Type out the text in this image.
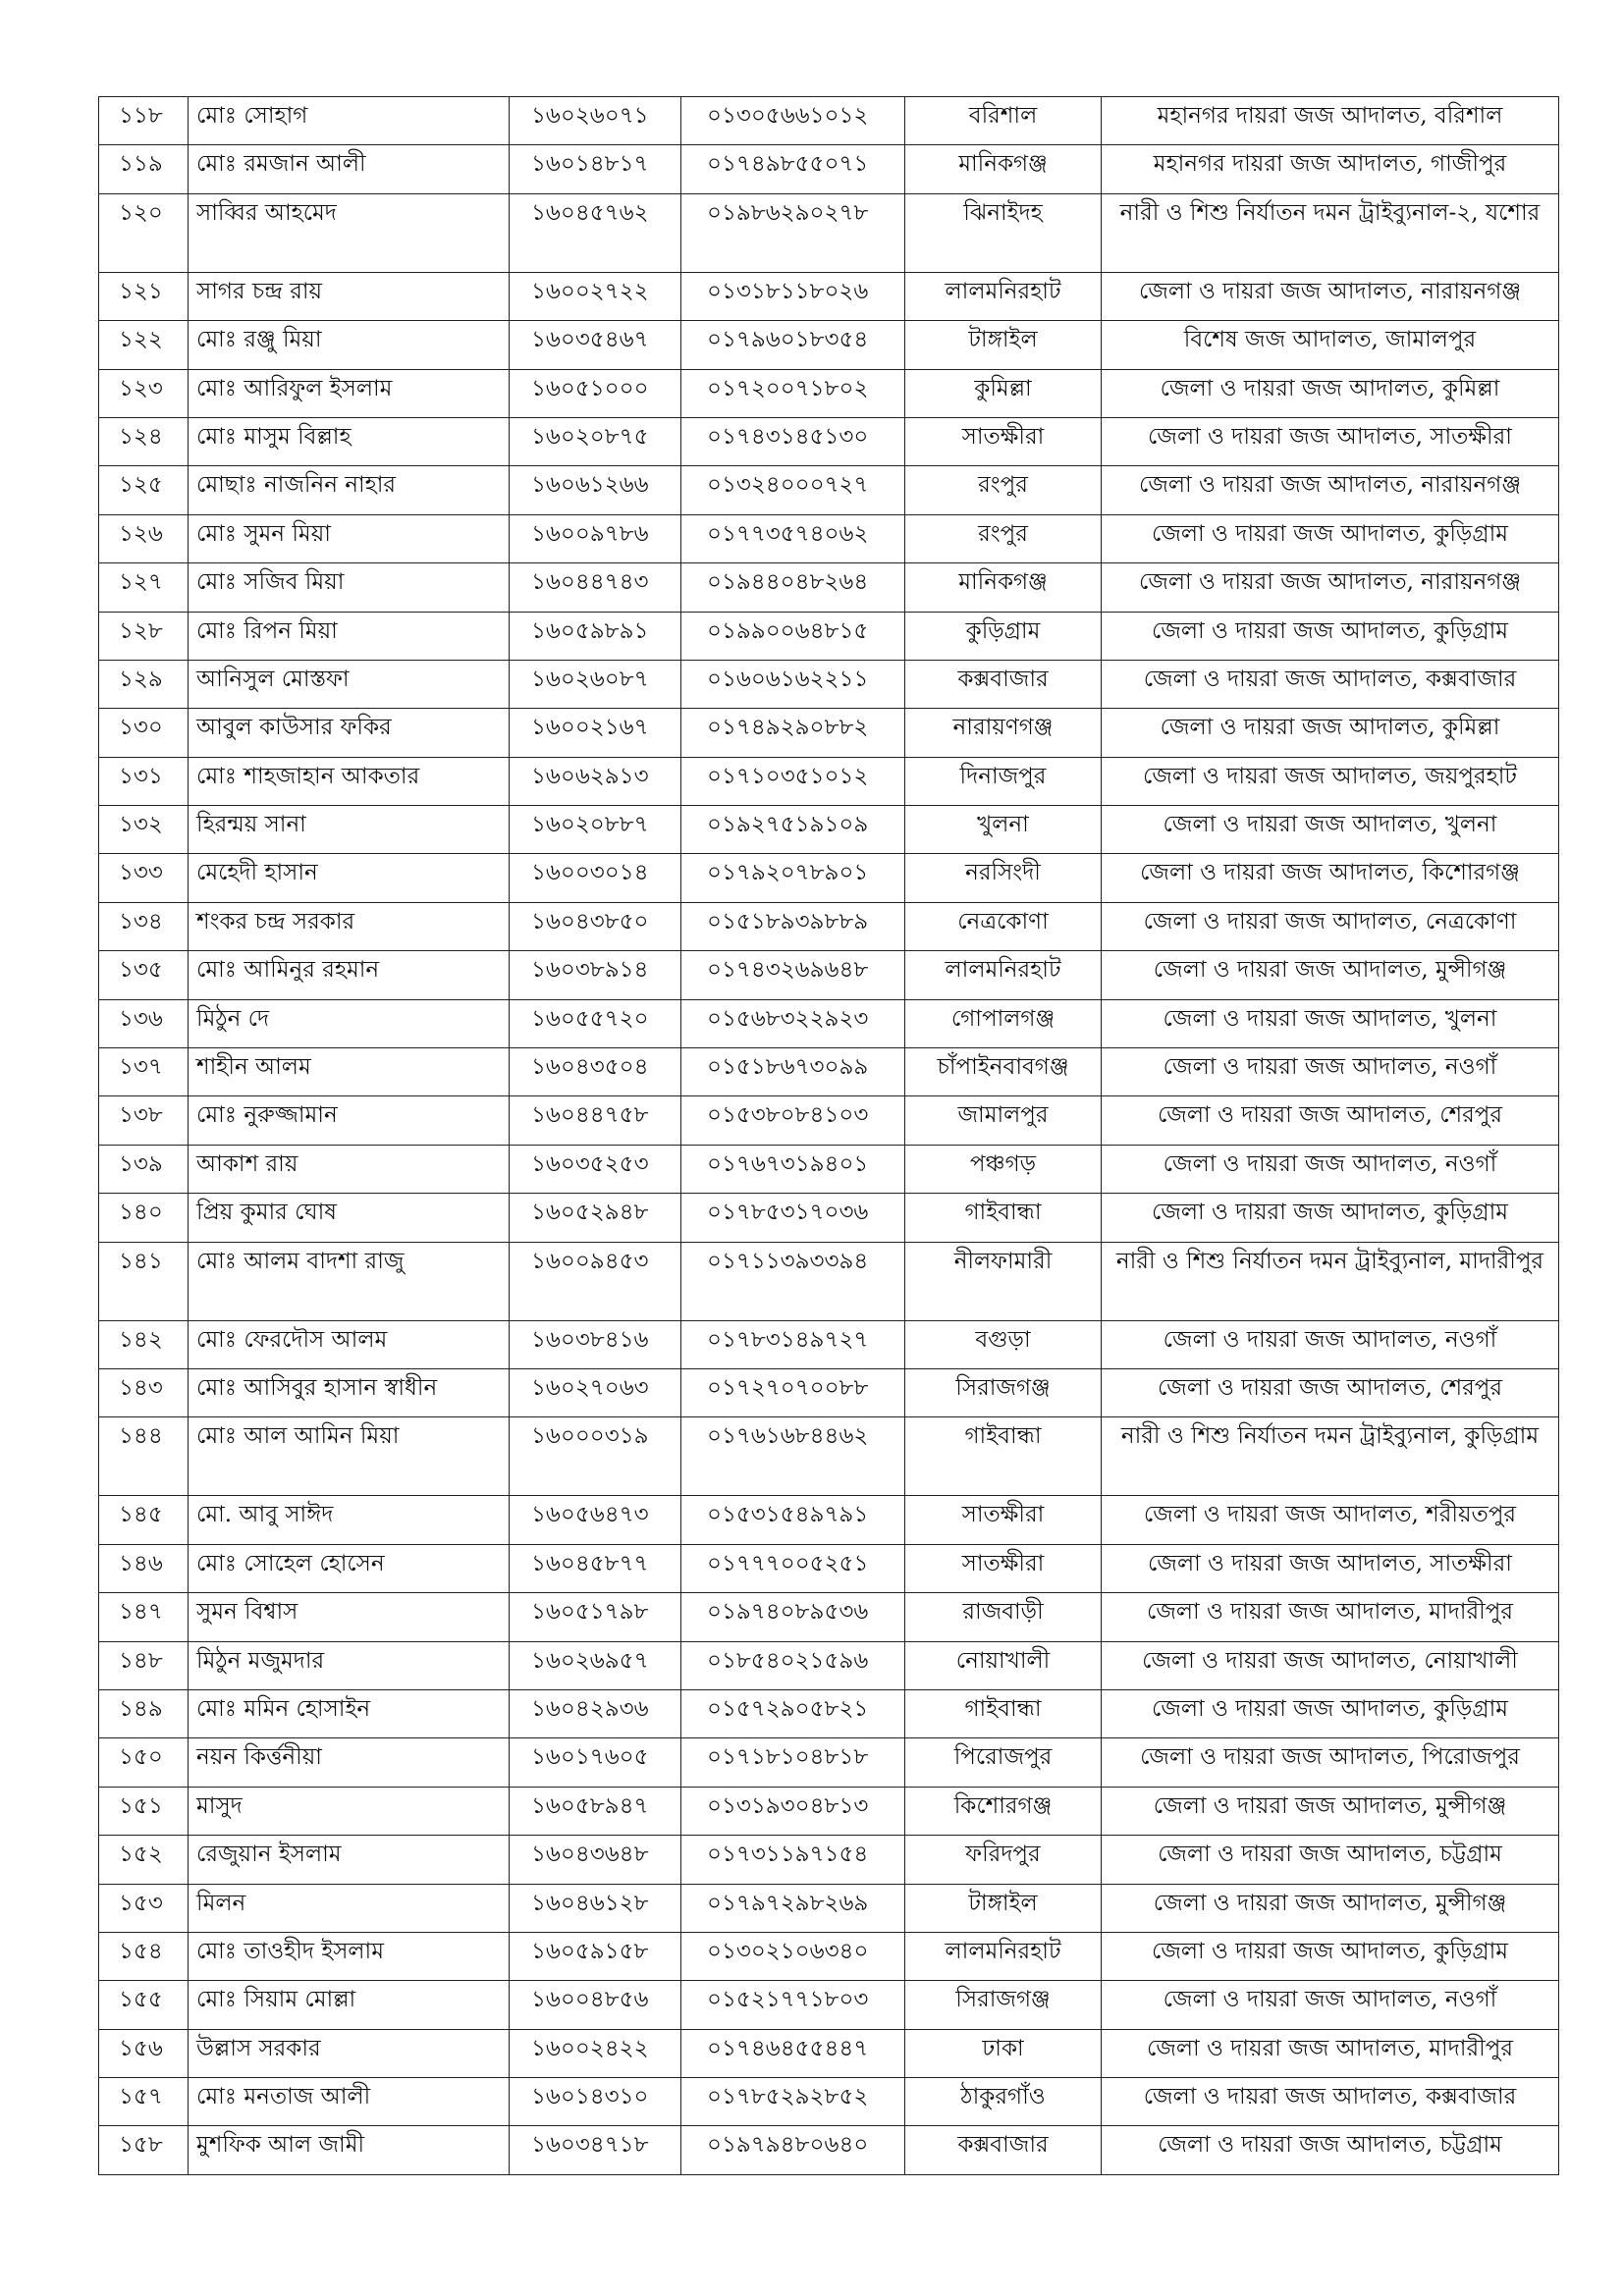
১১৮	মোঃ সোহাগ	১৬০২৬০৭১	০১৩০৫৬৬১০১২	বরিশাল	মহানগর দায়রা জজ আদালত, বরিশাল
১১৯	মোঃ রমজান আলী	১৬০১৪৮১৭	০১৭৪৯৮৫৫০৭১	মানিকগঞ্জ	মহানগর দায়রা জজ আদালত, গাজীপুর
১২০	সাব্বির আহমেদ	১৬০৪৫৭৬২	০১৯৮৬২৯০২৭৮	ঝিনাইদহ	নারী ও শিশু নির্যাতন দমন ট্রাইব্যুনাল-২, যশোর
১২১	সাগর চন্দ্র রায়	১৬০০২৭২২	০১৩১৮১১৮০২৬	লালমনিরহাট	জেলা ও দায়রা জজ আদালত, নারায়নগঞ্জ
১২২	মোঃ রঞ্জু মিয়া	১৬০৩৫৪৬৭	০১৭৯৬০১৮৩৫৪	টাঙ্গাইল	বিশেষ জজ আদালত, জামালপুর
১২৩	মোঃ আরিফুল ইসলাম	১৬০৫১০০০	০১৭২০০৭১৮০২	কুমিল্লা	জেলা ও দায়রা জজ আদালত, কুমিল্লা
১২৪	মোঃ মাসুম বিল্লাহ	১৬০২০৮৭৫	০১৭৪৩১৪৫১৩০	সাতক্ষীরা	জেলা ও দায়রা জজ আদালত, সাতক্ষীরা
১২৫	মোছাঃ নাজনিন নাহার	১৬০৬১২৬৬	০১৩২৪০০০৭২৭	রংপুর	জেলা ও দায়রা জজ আদালত, নারায়নগঞ্জ
১২৬	মোঃ সুমন মিয়া	১৬০০৯৭৮৬	০১৭৭৩৫৭৪০৬২	রংপুর	জেলা ও দায়রা জজ আদালত, কুড়িগ্রাম
১২৭	মোঃ সজিব মিয়া	১৬০৪৪৭৪৩	০১৯৪৪০৪৮২৬৪	মানিকগঞ্জ	জেলা ও দায়রা জজ আদালত, নারায়নগঞ্জ
১২৮	মোঃ রিপন মিয়া	১৬০৫৯৮৯১	০১৯৯০০৬৪৮১৫	কুড়িগ্রাম	জেলা ও দায়রা জজ আদালত, কুড়িগ্রাম
১২৯	আনিসুল মোস্তফা	১৬০২৬০৮৭	০১৬০৬১৬২২১১	কক্সবাজার	জেলা ও দায়রা জজ আদালত, কক্সবাজার
১৩০	আবুল কাউসার ফকির	১৬০০২১৬৭	০১৭৪৯২৯০৮৮২	নারায়ণগঞ্জ	জেলা ও দায়রা জজ আদালত, কুমিল্লা
১৩১	মোঃ শাহজাহান আকতার	১৬০৬২৯১৩	০১৭১০৩৫১০১২	দিনাজপুর	জেলা ও দায়রা জজ আদালত, জয়পুরহাট
১৩২	হিরন্ময় সানা	১৬০২০৮৮৭	০১৯২৭৫১৯১০৯	খুলনা	জেলা ও দায়রা জজ আদালত, খুলনা
১৩৩	মেহেদী হাসান	১৬০০৩০১৪	০১৭৯২০৭৮৯০১	নরসিংদী	জেলা ও দায়রা জজ আদালত, কিশোরগঞ্জ
১৩৪	শংকর চন্দ্র সরকার	১৬০৪৩৮৫০	০১৫১৮৯৩৯৮৮৯	নেত্রকোণা	জেলা ও দায়রা জজ আদালত, নেত্রকোণা
১৩৫	মোঃ আমিনুর রহমান	১৬০৩৮৯১৪	০১৭৪৩২৬৯৬৪৮	লালমনিরহাট	জেলা ও দায়রা জজ আদালত, মুন্সীগঞ্জ
১৩৬	মিঠুন দে	১৬০৫৫৭২০	০১৫৬৮৩২২৯২৩	গোপালগঞ্জ	জেলা ও দায়রা জজ আদালত, খুলনা
১৩৭	শাহীন আলম	১৬০৪৩৫০৪	০১৫১৮৬৭৩০৯৯	চাঁপাইনবাবগঞ্জ	জেলা ও দায়রা জজ আদালত, নওগাঁ
১৩৮	মোঃ নুরুজ্জামান	১৬০৪৪৭৫৮	০১৫৩৮০৮৪১০৩	জামালপুর	জেলা ও দায়রা জজ আদালত, শেরপুর
১৩৯	আকাশ রায়	১৬০৩৫২৫৩	০১৭৬৭৩১৯৪০১	পঞ্চগড়	জেলা ও দায়রা জজ আদালত, নওগাঁ
১৪০	প্রিয় কুমার ঘোষ	১৬০৫২৯৪৮	০১৭৮৫৩১৭০৩৬	গাইবান্ধা	জেলা ও দায়রা জজ আদালত, কুড়িগ্রাম
১৪১	মোঃ আলম বাদশা রাজু	১৬০০৯৪৫৩	০১৭১১৩৯৩৩৯৪	নীলফামারী	নারী ও শিশু নির্যাতন দমন ট্রাইব্যুনাল, মাদারীপুর
১৪২	মোঃ ফেরদৌস আলম	১৬০৩৮৪১৬	০১৭৮৩১৪৯৭২৭	বগুড়া	জেলা ও দায়রা জজ আদালত, নওগাঁ
১৪৩	মোঃ আসিবুর হাসান স্বাধীন	১৬০২৭০৬৩	০১৭২৭০৭০০৮৮	সিরাজগঞ্জ	জেলা ও দায়রা জজ আদালত, শেরপুর
১৪৪	মোঃ আল আমিন মিয়া	১৬০০০৩১৯	০১৭৬১৬৮৪৪৬২	গাইবান্ধা	নারী ও শিশু নির্যাতন দমন ট্রাইব্যুনাল, কুড়িগ্রাম
১৪৫	মো. আবু সাঈদ	১৬০৫৬৪৭৩	০১৫৩১৫৪৯৭৯১	সাতক্ষীরা	জেলা ও দায়রা জজ আদালত, শরীয়তপুর
১৪৬	মোঃ সোহেল হোসেন	১৬০৪৫৮৭৭	০১৭৭৭০০৫২৫১	সাতক্ষীরা	জেলা ও দায়রা জজ আদালত, সাতক্ষীরা
১৪৭	সুমন বিশ্বাস	১৬০৫১৭৯৮	০১৯৭৪০৮৯৫৩৬	রাজবাড়ী	জেলা ও দায়রা জজ আদালত, মাদারীপুর
১৪৮	মিঠুন মজুমদার	১৬০২৬৯৫৭	০১৮৫৪০২১৫৯৬	নোয়াখালী	জেলা ও দায়রা জজ আদালত, নোয়াখালী
১৪৯	মোঃ মমিন হোসাইন	১৬০৪২৯৩৬	০১৫৭২৯০৫৮২১	গাইবান্ধা	জেলা ও দায়রা জজ আদালত, কুড়িগ্রাম
১৫০	নয়ন কির্ত্তনীয়া	১৬০১৭৬০৫	০১৭১৮১০৪৮১৮	পিরোজপুর	জেলা ও দায়রা জজ আদালত, পিরোজপুর
১৫১	মাসুদ	১৬০৫৮৯৪৭	০১৩১৯৩০৪৮১৩	কিশোরগঞ্জ	জেলা ও দায়রা জজ আদালত, মুন্সীগঞ্জ
১৫২	রেজুয়ান ইসলাম	১৬০৪৩৬৪৮	০১৭৩১১৯৭১৫৪	ফরিদপুর	জেলা ও দায়রা জজ আদালত, চট্টগ্রাম
১৫৩	মিলন	১৬০৪৬১২৮	০১৭৯৭২৯৮২৬৯	টাঙ্গাইল	জেলা ও দায়রা জজ আদালত, মুন্সীগঞ্জ
১৫৪	মোঃ তাওহীদ ইসলাম	১৬০৫৯১৫৮	০১৩০২১০৬৩৪০	লালমনিরহাট	জেলা ও দায়রা জজ আদালত, কুড়িগ্রাম
১৫৫	মোঃ সিয়াম মোল্লা	১৬০০৪৮৫৬	০১৫২১৭৭১৮০৩	সিরাজগঞ্জ	জেলা ও দায়রা জজ আদালত, নওগাঁ
১৫৬	উল্লাস সরকার	১৬০০২৪২২	০১৭৪৬৪৫৫৪৪৭	ঢাকা	জেলা ও দায়রা জজ আদালত, মাদারীপুর
১৫৭	মোঃ মনতাজ আলী	১৬০১৪৩১০	০১৭৮৫২৯২৮৫২	ঠাকুরগাঁও	জেলা ও দায়রা জজ আদালত, কক্সবাজার
১৫৮	মুশফিক আল জামী	১৬০৩৪৭১৮	০১৯৭৯৪৮০৬৪০	কক্সবাজার	জেলা ও দায়রা জজ আদালত, চট্টগ্রাম
